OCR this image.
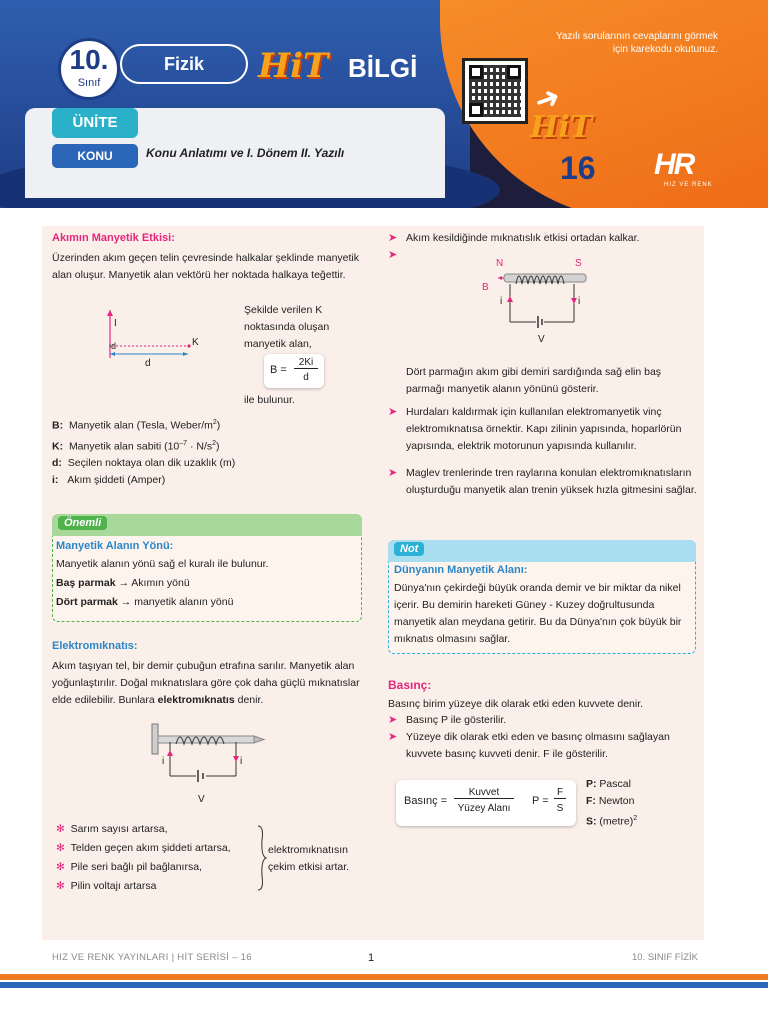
10.
Sınıf
Fizik	HiT BİLGİ
ÜNİTE
KONU	Konu Anlatımı ve I. Dönem II. Yazılı
Yazılı sorularının cevaplarını görmek için karekodu okutunuz.
➜
HiT
16 HR
HIZ VE RENK
Akımın Manyetik Etkisi:

Üzerinden akım geçen telin çevresinde halkalar şeklinde manyetik alan oluşur. Manyetik alan vektörü her noktada halkaya teğettir.

I
K
d
d

Şekilde verilen K noktasında oluşan manyetik alan,

B =
2Ki
d
ile bulunur.
B: Manyetik alan (Tesla, Weber/$m^2$)
K: Manyetik alan sabiti $(10^{-7} \cdot N/s^2)$
d: Seçilen noktaya olan dik uzaklık (m)
i: Akım şiddeti (Amper)
Önemli
Manyetik Alanın Yönü:
Manyetik alanın yönü sağ el kuralı ile bulunur.
Baş parmak → Akımın yönü
Dört parmak → manyetik alanın yönü
Elektromıknatıs:

Akım taşıyan tel, bir demir çubuğun etrafına sarılır. Manyetik alan yoğunlaştırılır. Doğal mıknatıslara göre çok daha güçlü mıknatıslar elde edilebilir. Bunlara elektromıknatıs denir.

i	i
V
✻ Sarım sayısı artarsa,
✻ Telden geçen akım şiddeti artarsa,
✻ Pile seri bağlı pil bağlanırsa,
✻ Pilin voltajı artarsa

elektromıknatısın çekim etkisi artar.

➤ Akım kesildiğinde mıknatıslık etkisi ortadan kalkar.
➤
N	S
B
i	i
V

Dört parmağın akım gibi demiri sardığında sağ elin baş parmağı manyetik alanın yönünü gösterir.

➤ Hurdaları kaldırmak için kullanılan elektromanyetik vinç elektromıknatısa örnektir. Kapı zilinin yapısında, hoparlörün yapısında, elektrik motorunun yapısında kullanılır.
➤ Maglev trenlerinde tren raylarına konulan elektromıknatısların oluşturduğu manyetik alan trenin yüksek hızla gitmesini sağlar.
Not
Dünyanın Manyetik Alanı:

Dünya'nın çekirdeği büyük oranda demir ve bir miktar da nikel içerir. Bu demirin hareketi Güney - Kuzey doğrultusunda manyetik alan meydana getirir. Bu da Dünya'nın çok büyük bir mıknatıs olmasını sağlar.

Basınç:
Basınç birim yüzeye dik olarak etki eden kuvvete denir.
➤ Basınç P ile gösterilir.
➤ Yüzeye dik olarak etki eden ve basınç olmasını sağlayan kuvvete basınç kuvveti denir. F ile gösterilir.
Basınç =
Kuvvet
Yüzey Alanı
P =
F
S
P: Pascal
F: Newton
S: (metre)$^2$
HIZ VE RENK YAYINLARI | HİT SERİSİ – 16	1	10. SINIF FİZİK
